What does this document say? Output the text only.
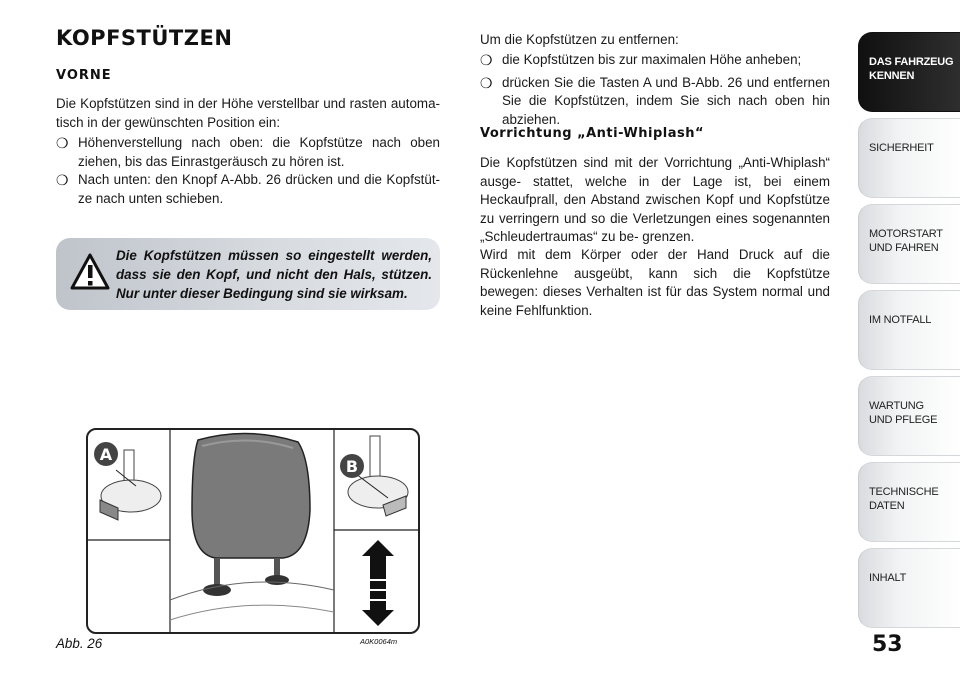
KOPFSTÜTZEN

VORNE

Die Kopfstützen sind in der Höhe verstellbar und rasten automa- tisch in der gewünschten Position ein:

❍ Höhenverstellung nach oben: die Kopfstütze nach oben ziehen, bis das Einrastgeräusch zu hören ist.
❍ Nach unten: den Knopf A-Abb. 26 drücken und die Kopfstüt- ze nach unten schieben.
Die Kopfstützen müssen so eingestellt werden, dass sie den Kopf, und nicht den Hals, stützen. Nur unter dieser Bedingung sind sie wirksam.
A
B
Abb. 26	A0K0064m

Um die Kopfstützen zu entfernen:

❍ die Kopfstützen bis zur maximalen Höhe anheben;
❍ drücken Sie die Tasten A und B-Abb. 26 und entfernen Sie die Kopfstützen, indem Sie sich nach oben hin abziehen.

Vorrichtung „Anti-Whiplash“

Die Kopfstützen sind mit der Vorrichtung „Anti-Whiplash“ ausge- stattet, welche in der Lage ist, bei einem Heckaufprall, den Abstand zwischen Kopf und Kopfstütze zu verringern und so die Verletzungen eines sogenannten „Schleudertraumas“ zu be- grenzen.

Wird mit dem Körper oder der Hand Druck auf die Rückenlehne ausgeübt, kann sich die Kopfstütze bewegen: dieses Verhalten ist für das System normal und keine Fehlfunktion.

DAS FAHRZEUG
KENNEN
SICHERHEIT
MOTORSTART
UND FAHREN
IM NOTFALL
WARTUNG
UND PFLEGE
TECHNISCHE
DATEN
INHALT
53
